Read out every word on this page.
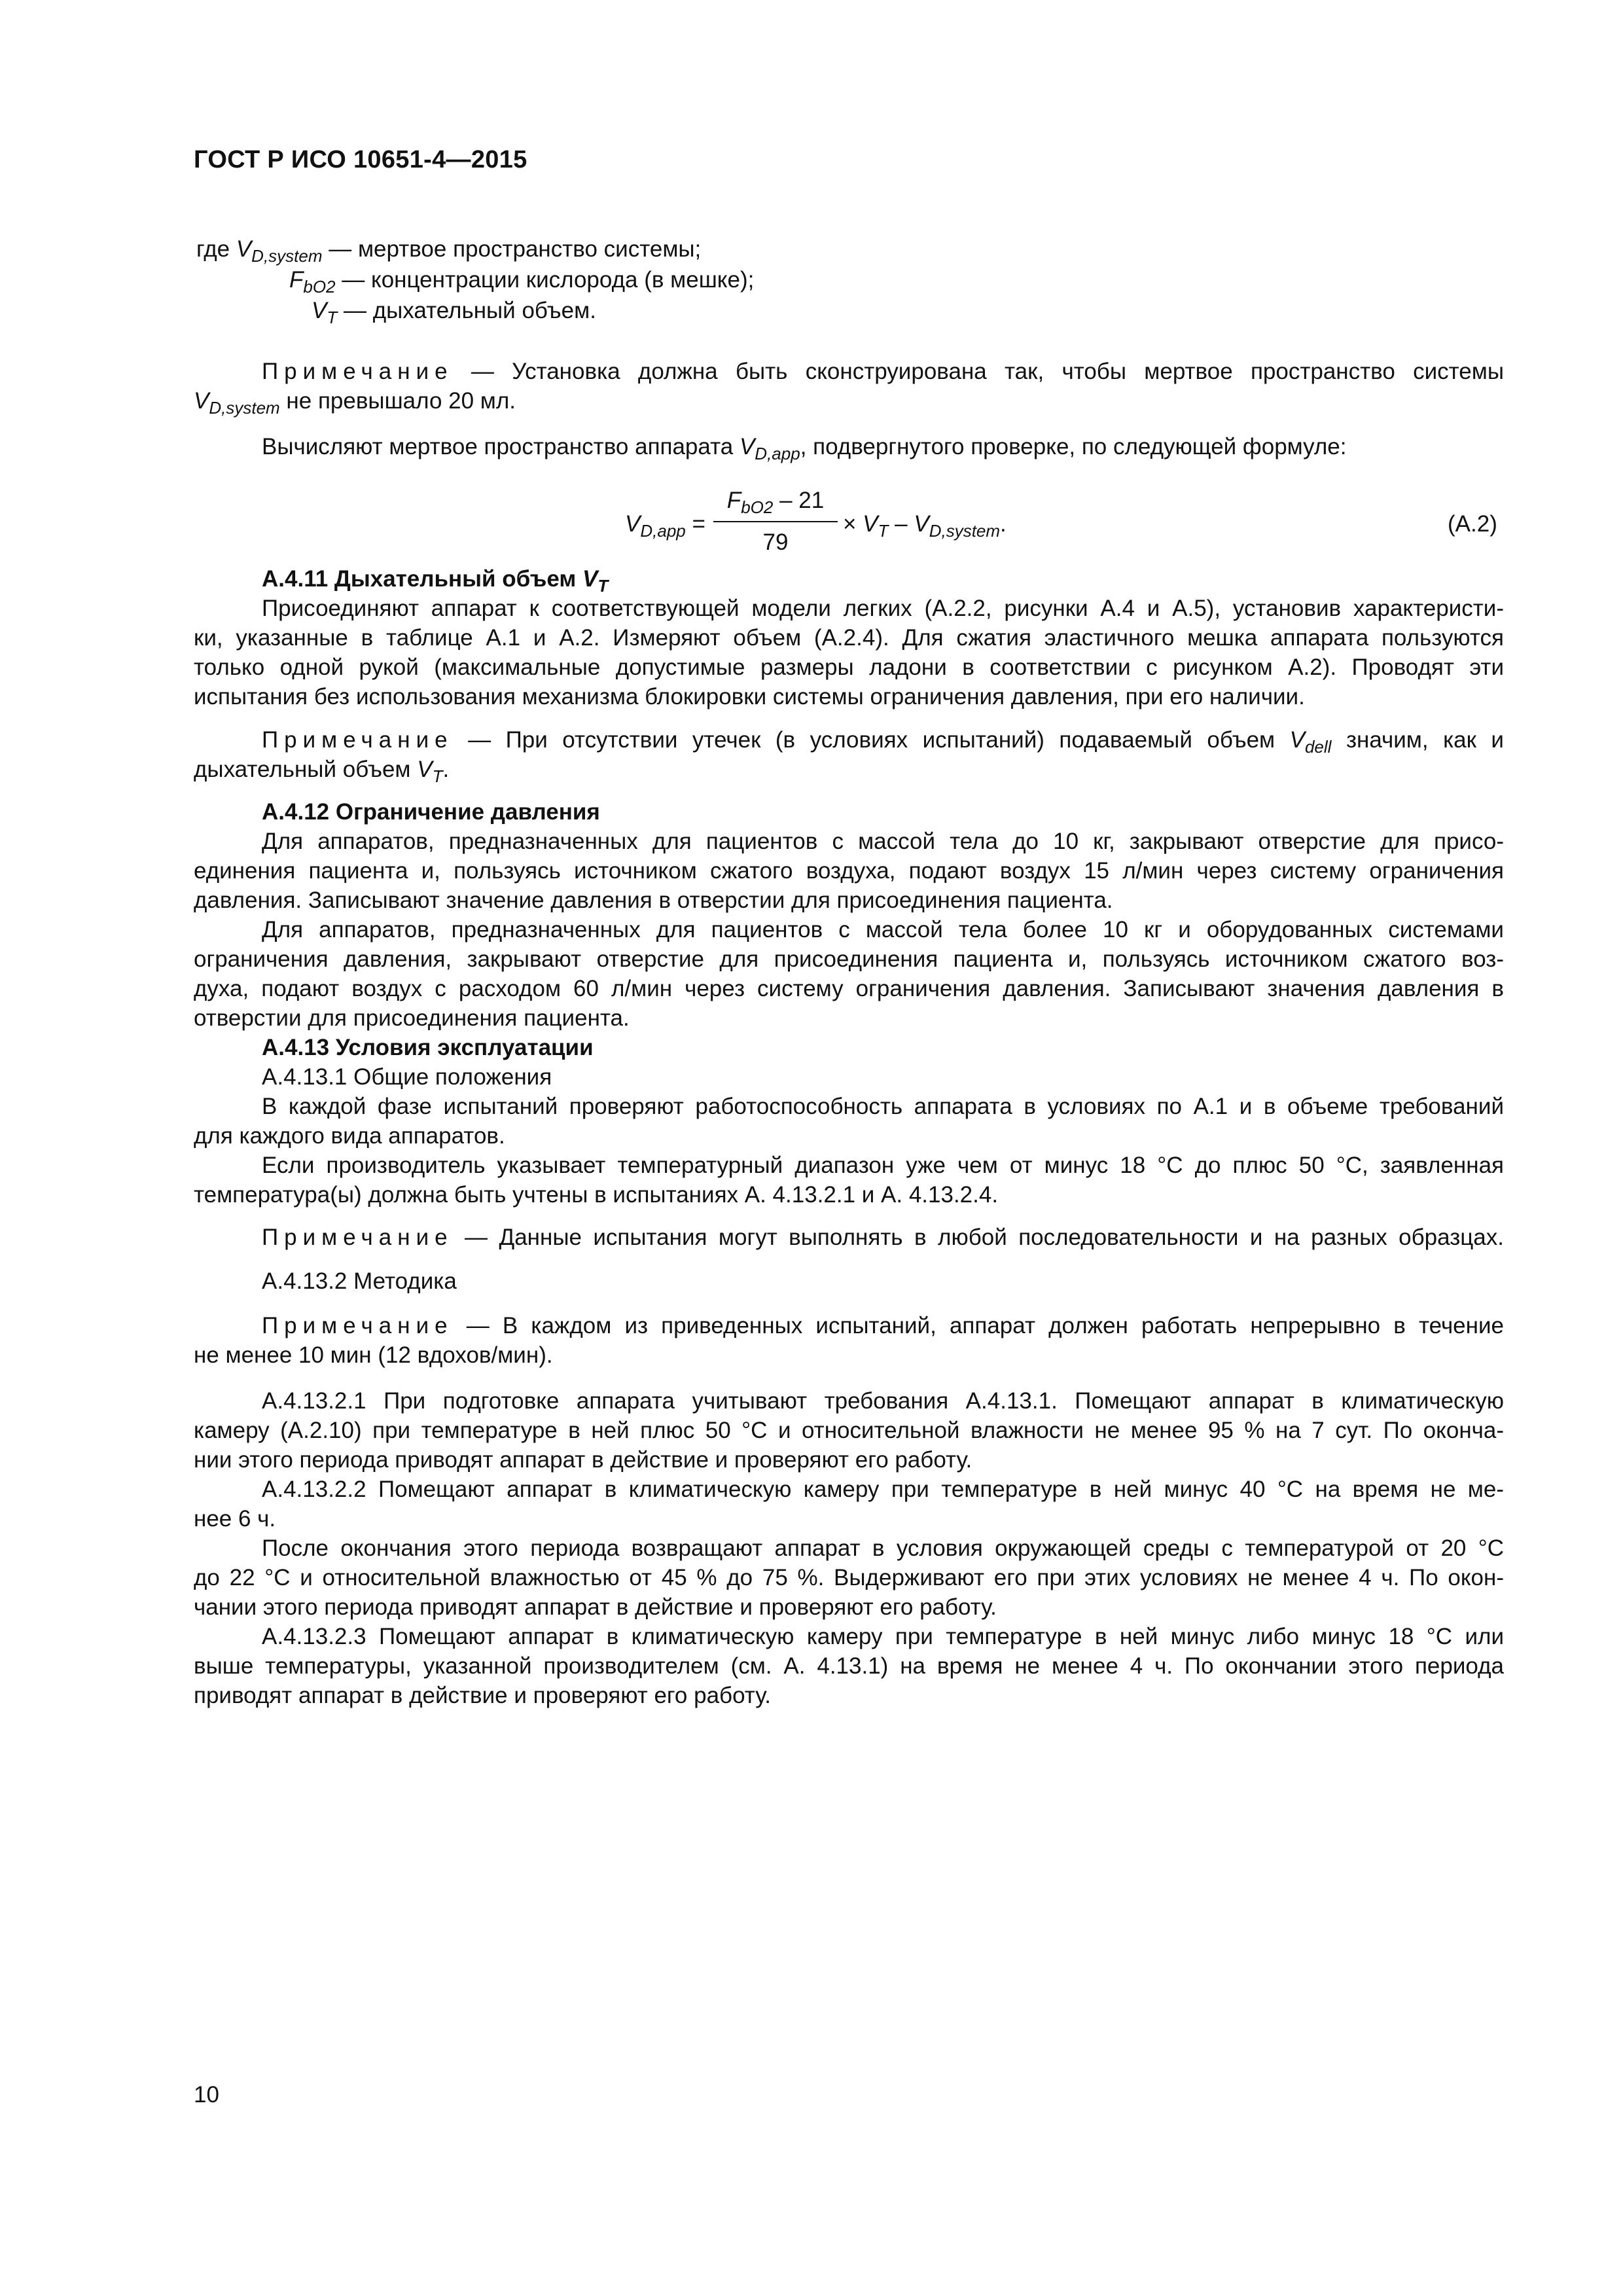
ГОСТ Р ИСО 10651-4—2015
где $V_{D,system}$ — мертвое пространство системы;
$F_{bO2}$ — концентрации кислорода (в мешке);
$V_T$ — дыхательный объем.
Примечание — Установка должна быть сконструирована так, чтобы мертвое пространство системы
$V_{D,system}$ не превышало 20 мл.
Вычисляют мертвое пространство аппарата $V_{D,app}$, подвергнутого проверке, по следующей формуле:
$V_{D,app}$ =
$F_{bO2} - 21$
79
× $V_T - V_{D,system}$.	(А.2)
А.4.11 Дыхательный объем $V_T$
Присоединяют аппарат к соответствующей модели легких (А.2.2, рисунки А.4 и А.5), установив характеристи-
ки, указанные в таблице А.1 и А.2. Измеряют объем (А.2.4). Для сжатия эластичного мешка аппарата пользуются
только одной рукой (максимальные допустимые размеры ладони в соответствии с рисунком А.2). Проводят эти
испытания без использования механизма блокировки системы ограничения давления, при его наличии.
Примечание — При отсутствии утечек (в условиях испытаний) подаваемый объем $V_{dell}$ значим, как и
дыхательный объем $V_T$.
А.4.12 Ограничение давления
Для аппаратов, предназначенных для пациентов с массой тела до 10 кг, закрывают отверстие для присо-
единения пациента и, пользуясь источником сжатого воздуха, подают воздух 15 л/мин через систему ограничения
давления. Записывают значение давления в отверстии для присоединения пациента.
Для аппаратов, предназначенных для пациентов с массой тела более 10 кг и оборудованных системами
ограничения давления, закрывают отверстие для присоединения пациента и, пользуясь источником сжатого воз-
духа, подают воздух с расходом 60 л/мин через систему ограничения давления. Записывают значения давления в
отверстии для присоединения пациента.
А.4.13 Условия эксплуатации
А.4.13.1 Общие положения
В каждой фазе испытаний проверяют работоспособность аппарата в условиях по А.1 и в объеме требований
для каждого вида аппаратов.
Если производитель указывает температурный диапазон уже чем от минус 18 °С до плюс 50 °С, заявленная
температура(ы) должна быть учтены в испытаниях А. 4.13.2.1 и А. 4.13.2.4.
Примечание — Данные испытания могут выполнять в любой последовательности и на разных образцах.
А.4.13.2 Методика
Примечание — В каждом из приведенных испытаний, аппарат должен работать непрерывно в течение
не менее 10 мин (12 вдохов/мин).
А.4.13.2.1 При подготовке аппарата учитывают требования А.4.13.1. Помещают аппарат в климатическую
камеру (А.2.10) при температуре в ней плюс 50 °С и относительной влажности не менее 95 % на 7 сут. По оконча-
нии этого периода приводят аппарат в действие и проверяют его работу.
А.4.13.2.2 Помещают аппарат в климатическую камеру при температуре в ней минус 40 °С на время не ме-
нее 6 ч.
После окончания этого периода возвращают аппарат в условия окружающей среды с температурой от 20 °С
до 22 °С и относительной влажностью от 45 % до 75 %. Выдерживают его при этих условиях не менее 4 ч. По окон-
чании этого периода приводят аппарат в действие и проверяют его работу.
А.4.13.2.3 Помещают аппарат в климатическую камеру при температуре в ней минус либо минус 18 °С или
выше температуры, указанной производителем (см. А. 4.13.1) на время не менее 4 ч. По окончании этого периода
приводят аппарат в действие и проверяют его работу.
10
